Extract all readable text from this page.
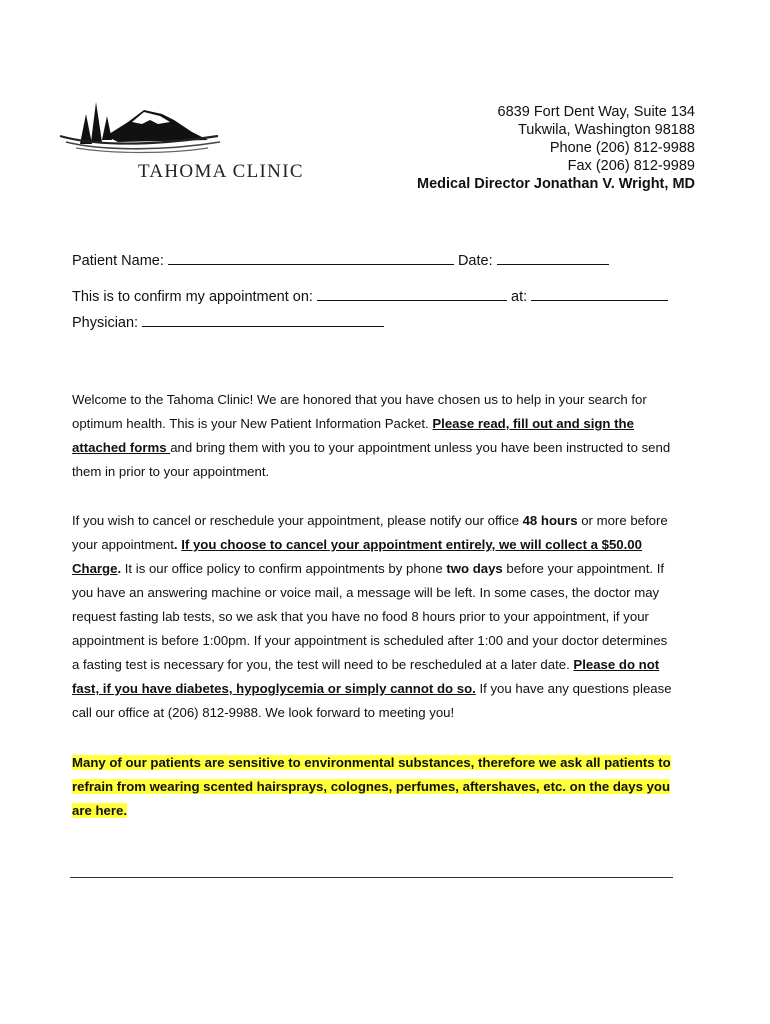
TAHOMA CLINIC
6839 Fort Dent Way, Suite 134
Tukwila, Washington 98188
Phone (206) 812-9988
Fax (206) 812-9989
Medical Director Jonathan V. Wright, MD
Patient Name:	Date:
This is to confirm my appointment on:	at:
Physician:

Welcome to the Tahoma Clinic! We are honored that you have chosen us to help in your search for optimum health. This is your New Patient Information Packet. Please read, fill out and sign the attached forms and bring them with you to your appointment unless you have been instructed to send them in prior to your appointment.

If you wish to cancel or reschedule your appointment, please notify our office 48 hours or more before your appointment. If you choose to cancel your appointment entirely, we will collect a $50.00 Charge. It is our office policy to confirm appointments by phone two days before your appointment. If you have an answering machine or voice mail, a message will be left. In some cases, the doctor may request fasting lab tests, so we ask that you have no food 8 hours prior to your appointment, if your appointment is before 1:00pm. If your appointment is scheduled after 1:00 and your doctor determines a fasting test is necessary for you, the test will need to be rescheduled at a later date. Please do not fast, if you have diabetes, hypoglycemia or simply cannot do so. If you have any questions please call our office at (206) 812-9988. We look forward to meeting you!

Many of our patients are sensitive to environmental substances, therefore we ask all patients to refrain from wearing scented hairsprays, colognes, perfumes, aftershaves, etc. on the days you are here.
